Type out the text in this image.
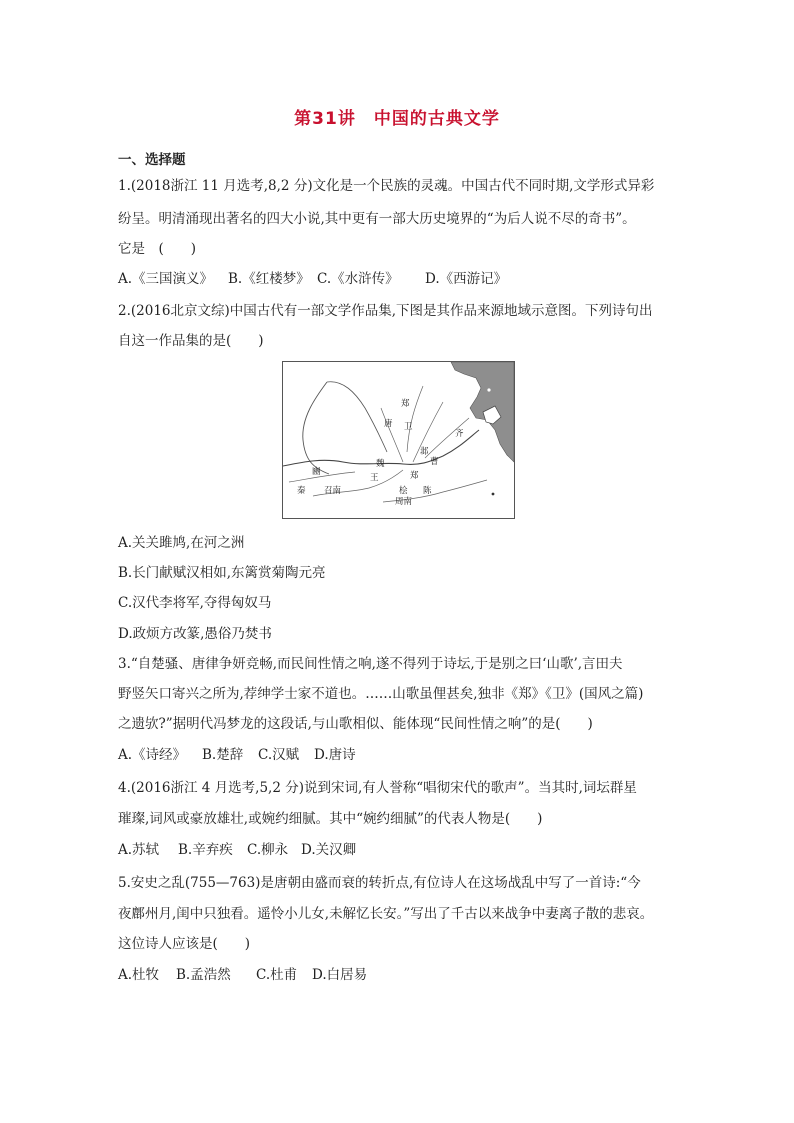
第31讲　中国的古典文学
一、选择题
1.(2018浙江 11 月选考,8,2 分)文化是一个民族的灵魂。中国古代不同时期,文学形式异彩
纷呈。明清涌现出著名的四大小说,其中更有一部大历史境界的“为后人说不尽的奇书”。
它是　(　　)
A.《三国演义》 B.《红楼梦》 C.《水浒传》 D.《西游记》
2.(2016北京文综)中国古代有一部文学作品集,下图是其作品来源地域示意图。下列诗句出
自这一作品集的是(　　)
郑
唐 卫
齐
豳
秦 召南
魏
王	郑
曹
桧 陈
周南
邶
A.关关雎鸠,在河之洲
B.长门献赋汉相如,东篱赏菊陶元亮
C.汉代李将军,夺得匈奴马
D.政烦方改篆,愚俗乃焚书
3.“自楚骚、唐律争妍竞畅,而民间性情之响,遂不得列于诗坛,于是别之曰‘山歌’,言田夫
野竖矢口寄兴之所为,荐绅学士家不道也。……山歌虽俚甚矣,独非《郑》《卫》(国风之篇)
之遗欤?”据明代冯梦龙的这段话,与山歌相似、能体现“民间性情之响”的是(　　)
A.《诗经》 B.楚辞 C.汉赋 D.唐诗
4.(2016浙江 4 月选考,5,2 分)说到宋词,有人誉称“唱彻宋代的歌声”。当其时,词坛群星
璀璨,词风或豪放雄壮,或婉约细腻。其中“婉约细腻”的代表人物是(　　)
A.苏轼 B.辛弃疾 C.柳永 D.关汉卿
5.安史之乱(755—763)是唐朝由盛而衰的转折点,有位诗人在这场战乱中写了一首诗:“今
夜鄜州月,闺中只独看。遥怜小儿女,未解忆长安。”写出了千古以来战争中妻离子散的悲哀。
这位诗人应该是(　　)
A.杜牧 B.孟浩然 C.杜甫 D.白居易
